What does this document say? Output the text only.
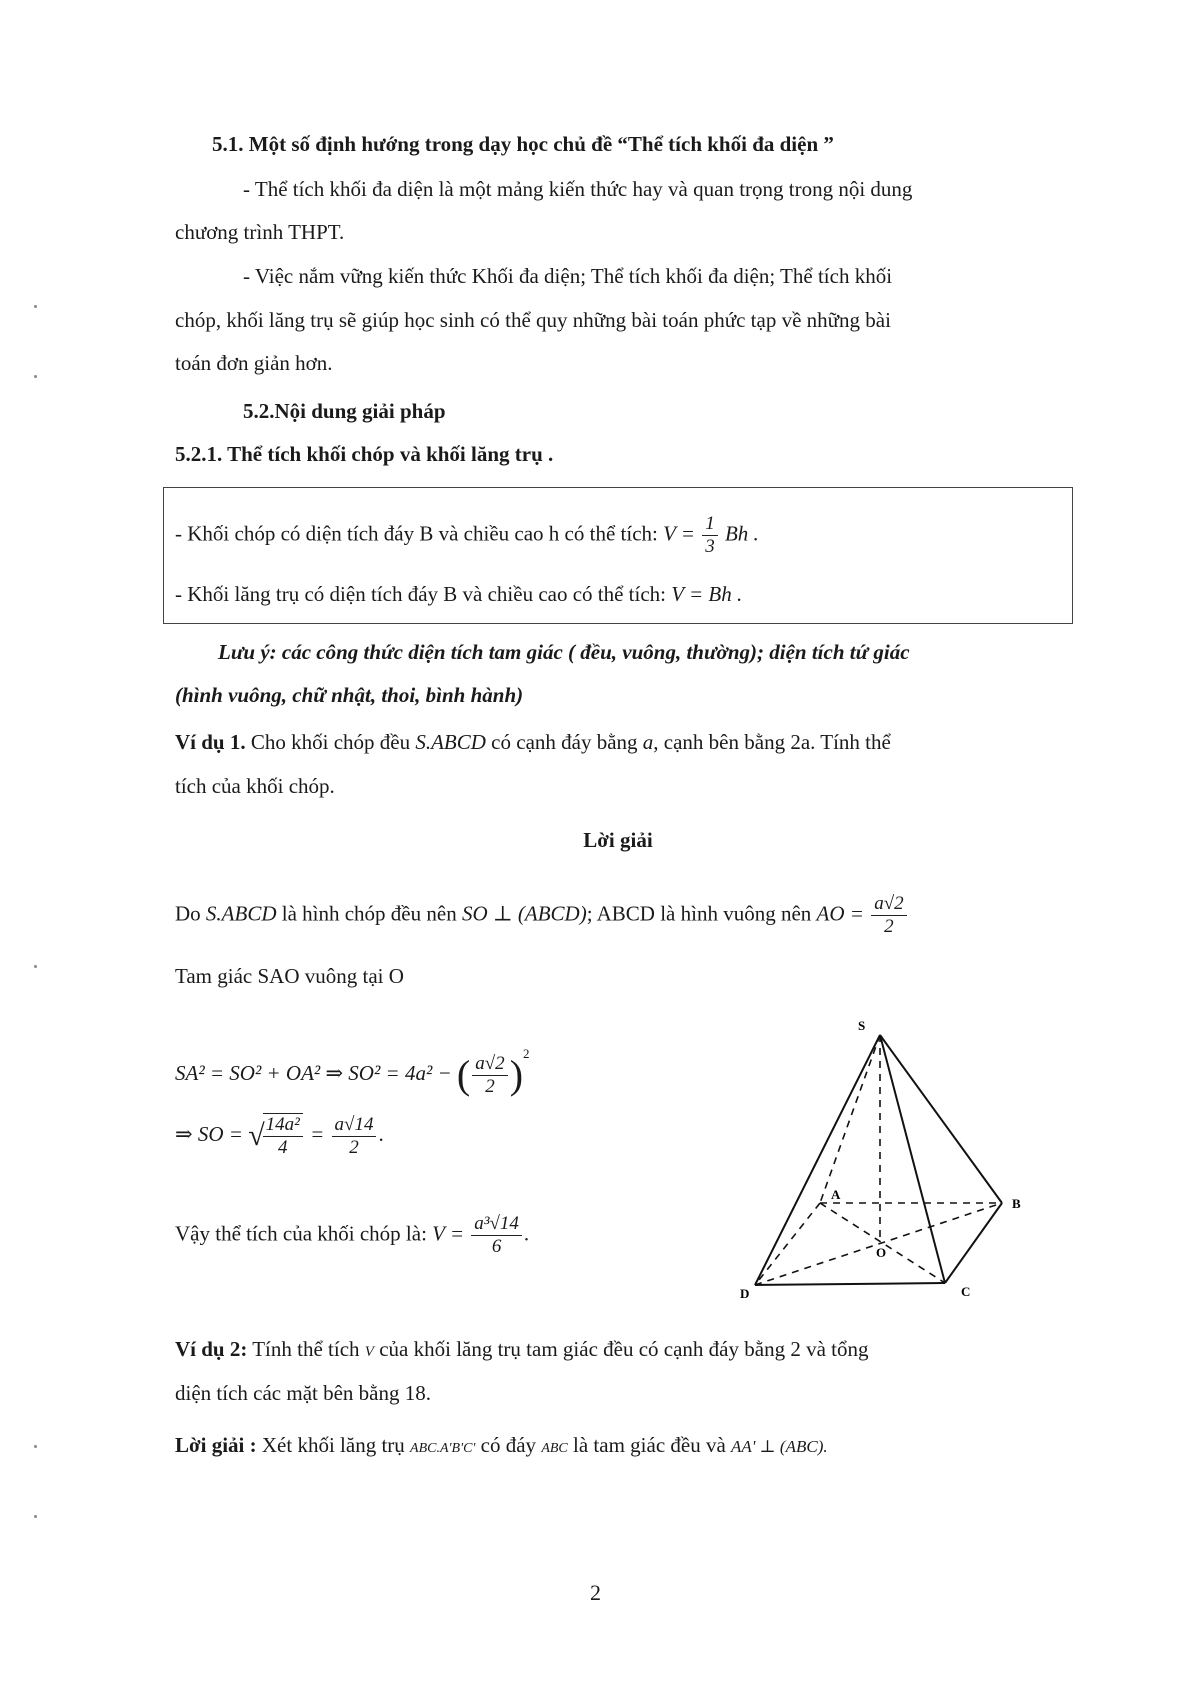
5.1. Một số định hướng trong dạy học chủ đề “Thể tích khối đa diện ”
- Thể tích khối đa diện là một mảng kiến thức hay và quan trọng trong nội dung
chương trình THPT.
- Việc nắm vững kiến thức Khối đa diện; Thể tích khối đa diện; Thể tích khối
chóp, khối lăng trụ sẽ giúp học sinh có thể quy những bài toán phức tạp về những bài
toán đơn giản hơn.
5.2.Nội dung giải pháp
5.2.1. Thể tích khối chóp và khối lăng trụ .
- Khối chóp có diện tích đáy B và chiều cao h có thể tích: $V = \frac{1}{3}$ Bh .
- Khối lăng trụ có diện tích đáy B và chiều cao có thể tích: V = Bh .
Lưu ý: các công thức diện tích tam giác ( đều, vuông, thường); diện tích tứ giác
(hình vuông, chữ nhật, thoi, bình hành)
Ví dụ 1. Cho khối chóp đều S.ABCD có cạnh đáy bằng a, cạnh bên bằng 2a. Tính thể
tích của khối chóp.
Lời giải
Do S.ABCD là hình chóp đều nên SO ⊥ (ABCD); ABCD là hình vuông nên AO = $\frac{a√2}{2}$
Tam giác SAO vuông tại O
SA² = SO² + OA² ⇒ SO² = 4a² − ( $\frac{a√2}{2} )^2$
⇒ SO = √
$\frac{\text{14a²}}{4} = \frac{a√14}{2}$ .
Vậy thể tích của khối chóp là: $V = \frac{\text{a³√14}}{6}$ .
S
A
B
C
D
O
Ví dụ 2: Tính thể tích V của khối lăng trụ tam giác đều có cạnh đáy bằng 2 và tổng
diện tích các mặt bên bằng 18.
Lời giải : Xét khối lăng trụ ABC.A'B'C' có đáy ABC là tam giác đều và AA' ⊥ (ABC).
2
